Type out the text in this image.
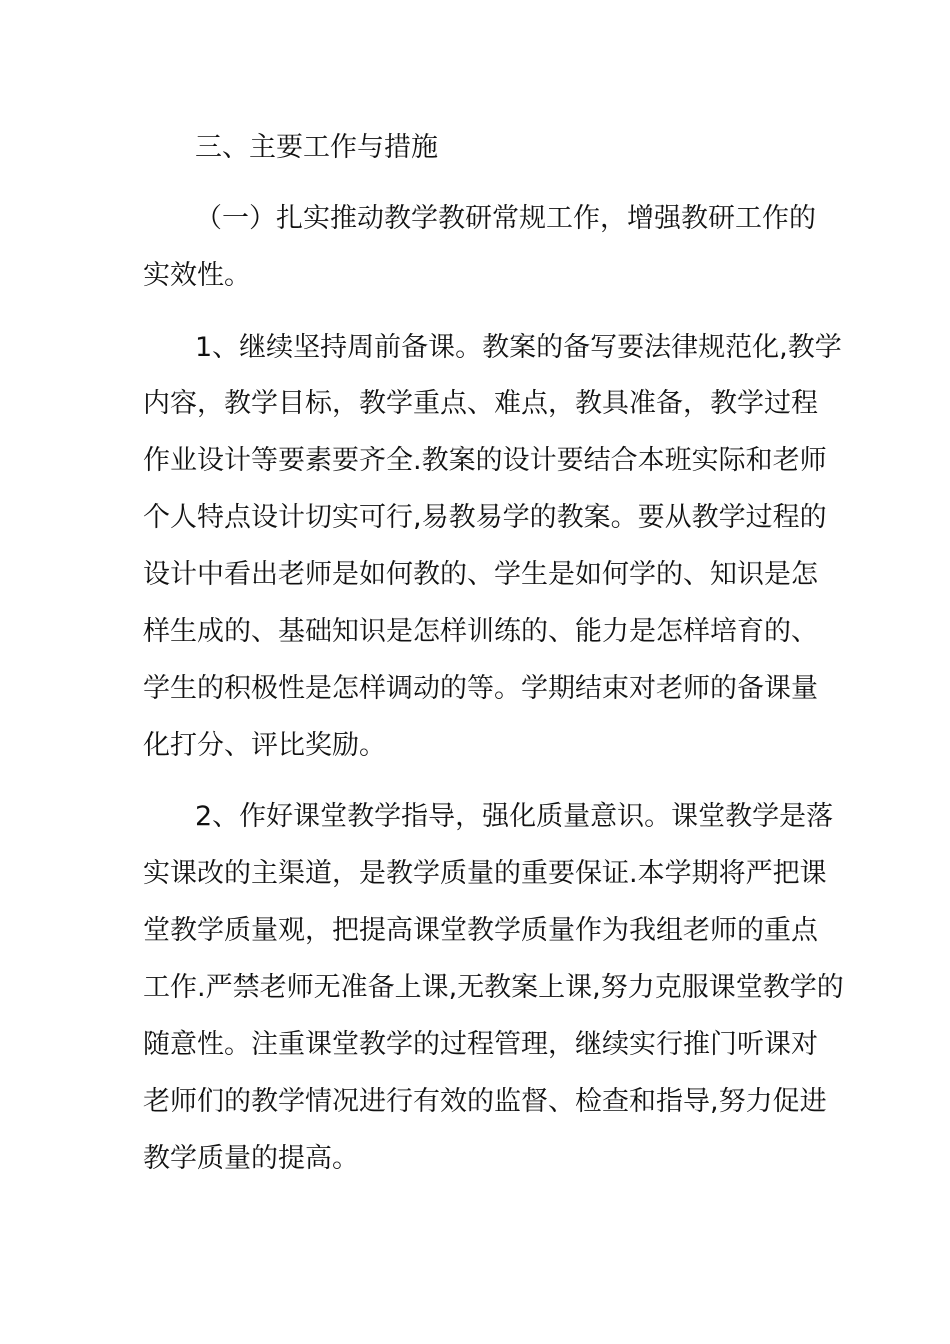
三、主要工作与措施

（一）扎实推动教学教研常规工作，增强教研工作的

实效性。

1、继续坚持周前备课。教案的备写要法律规范化,教学

内容，教学目标，教学重点、难点，教具准备，教学过程

作业设计等要素要齐全.教案的设计要结合本班实际和老师

个人特点设计切实可行,易教易学的教案。要从教学过程的

设计中看出老师是如何教的、学生是如何学的、知识是怎

样生成的、基础知识是怎样训练的、能力是怎样培育的、

学生的积极性是怎样调动的等。学期结束对老师的备课量

化打分、评比奖励。

2、作好课堂教学指导，强化质量意识。课堂教学是落

实课改的主渠道，是教学质量的重要保证.本学期将严把课

堂教学质量观，把提高课堂教学质量作为我组老师的重点

工作.严禁老师无准备上课,无教案上课,努力克服课堂教学的

随意性。注重课堂教学的过程管理，继续实行推门听课对

老师们的教学情况进行有效的监督、检查和指导,努力促进

教学质量的提高。
